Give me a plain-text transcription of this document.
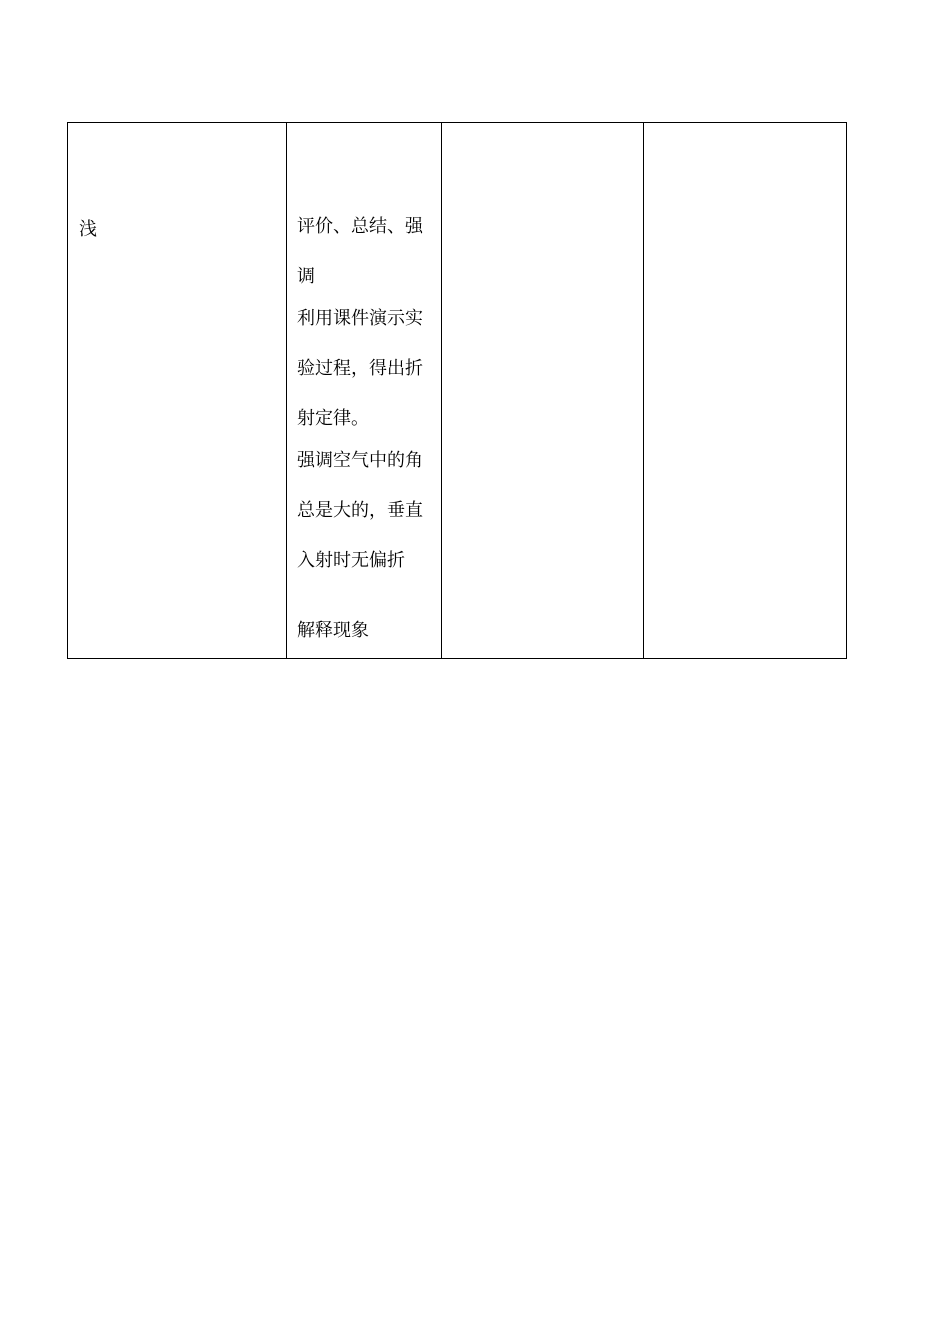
浅	评价、总结、强调
利用课件演示实验过程，得出折射定律。
强调空气中的角总是大的，垂直入射时无偏折
解释现象
